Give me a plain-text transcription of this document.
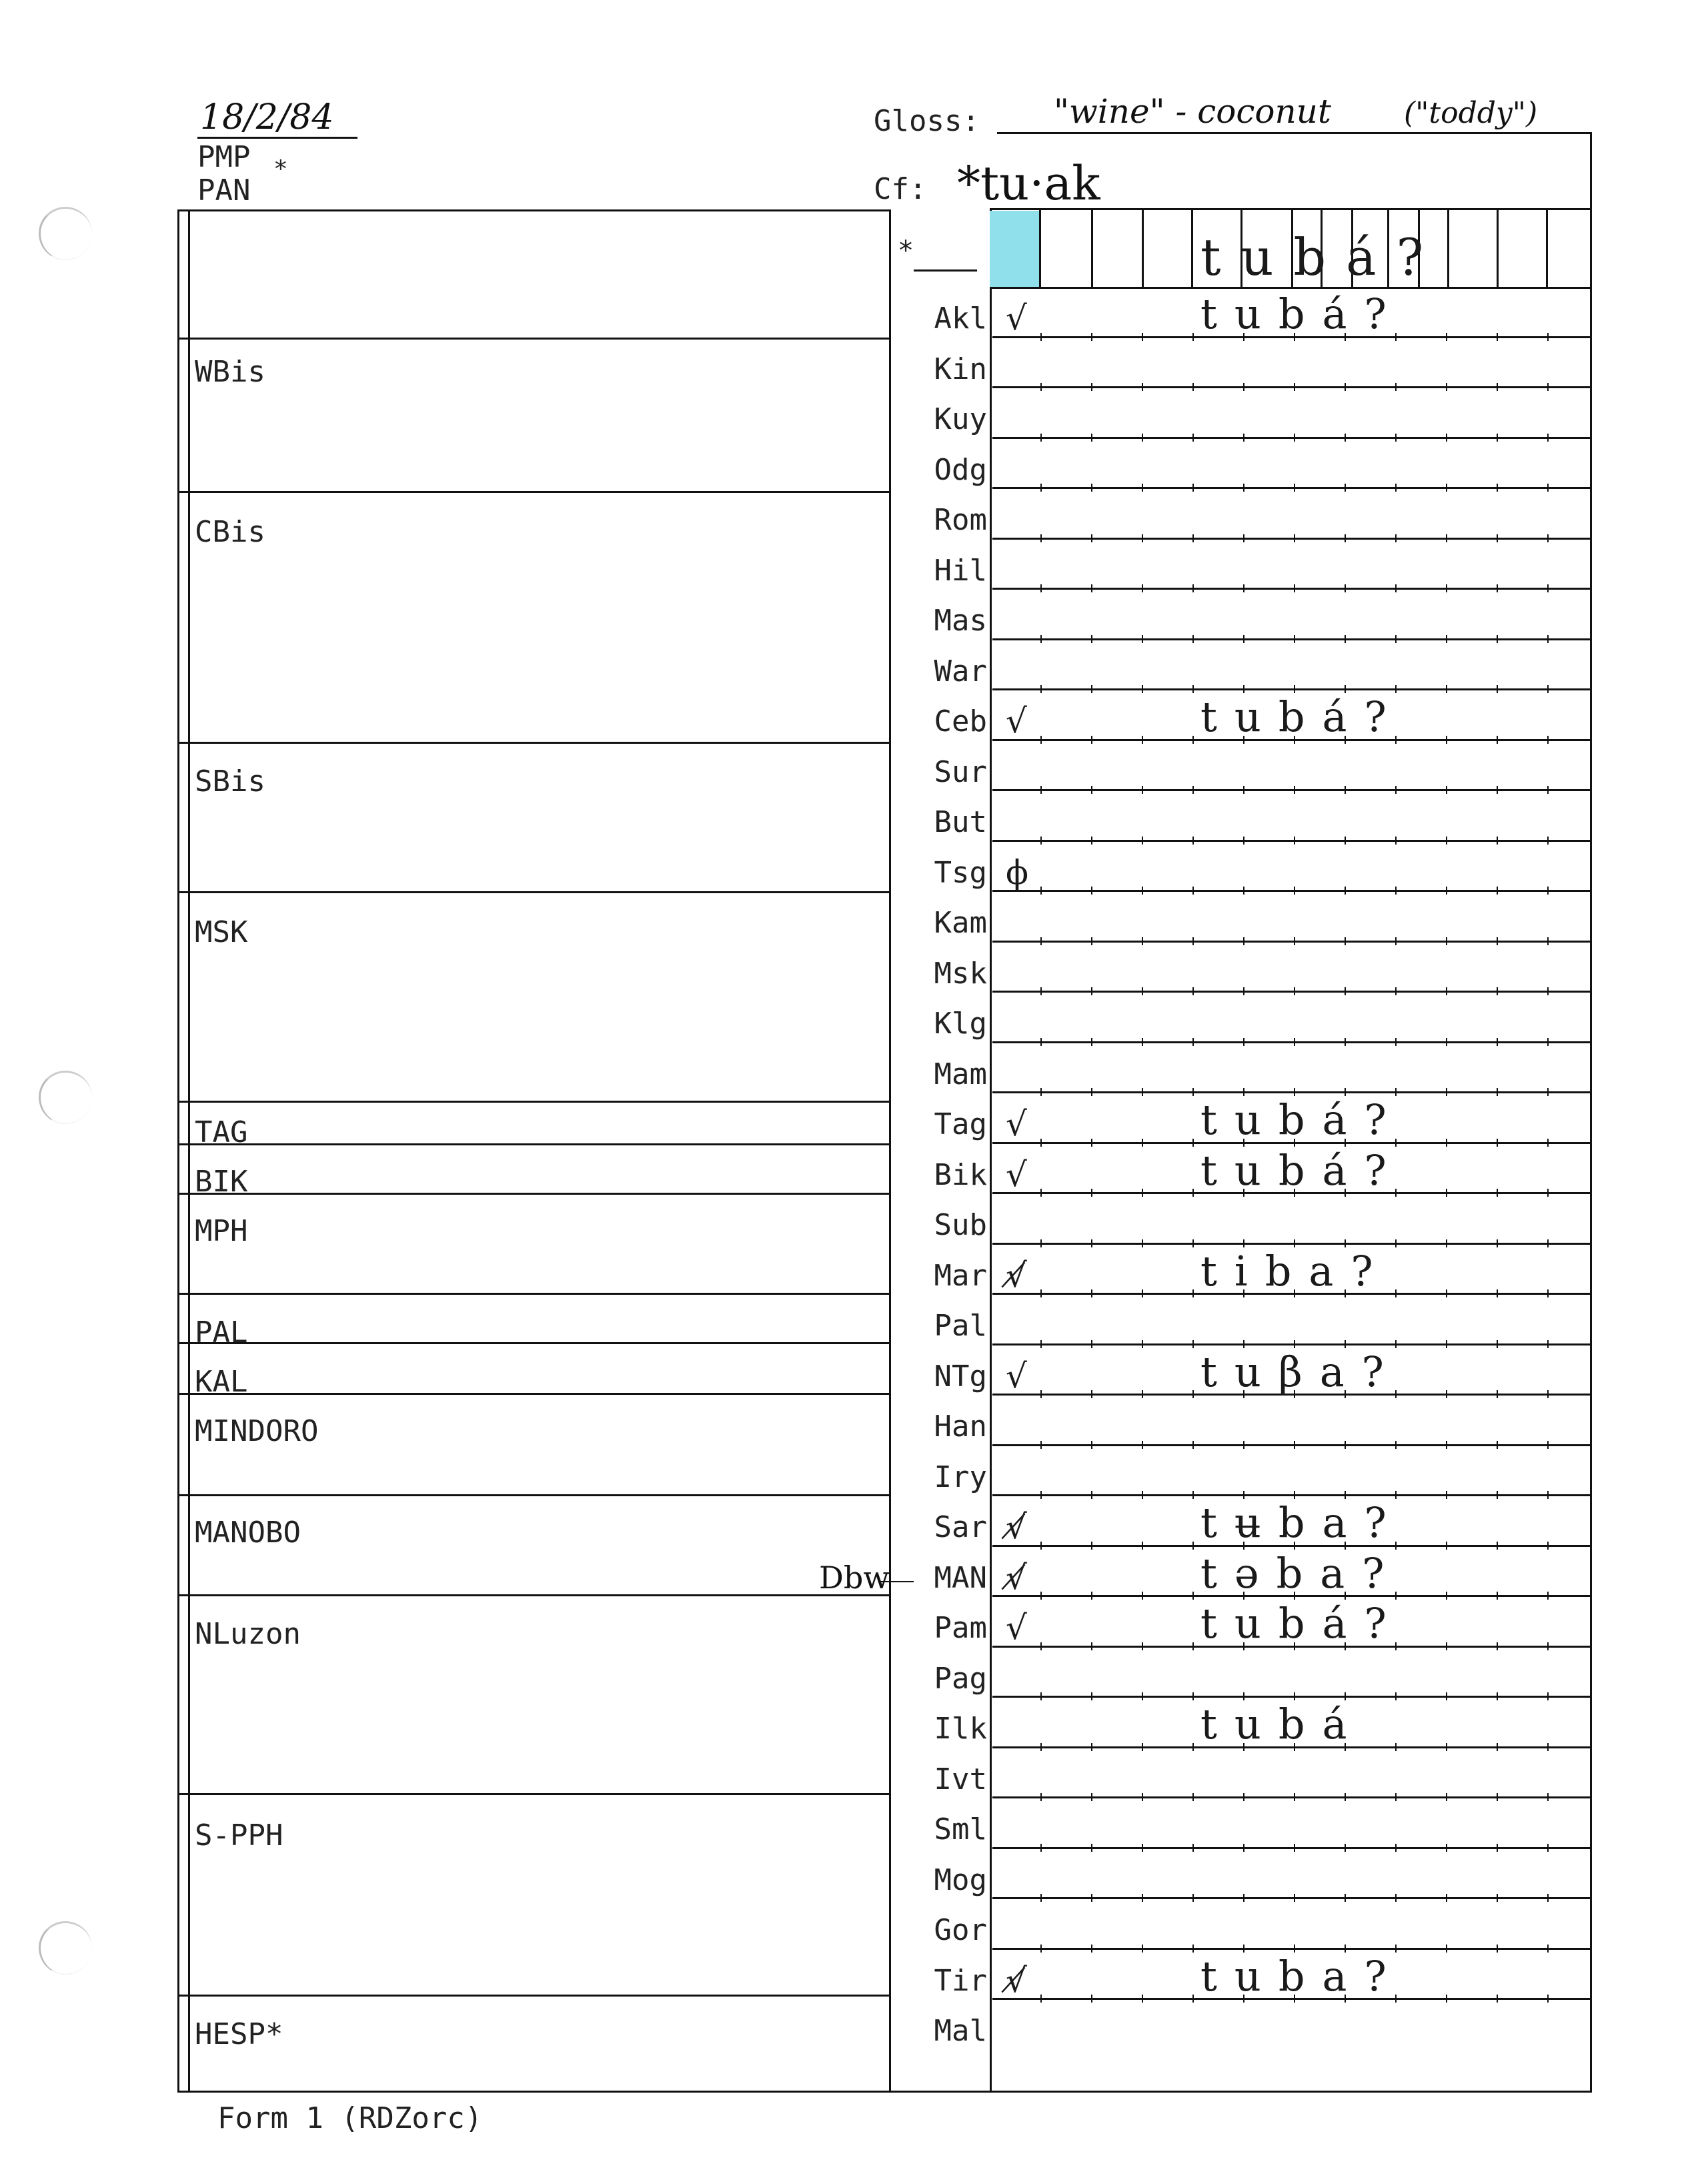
18/2/84
PMP *
PAN
Gloss: "wine" - coconut ("toddy")
Cf: *tu·ak
WBis
CBis
SBis
MSK
TAG
BIK
MPH
PAL
KAL
MINDORO
MANOBO
NLuzon
S-PPH
HESP*
Dbw
*	tubá?
Akl √	tubá?
Kin
Kuy
Odg
Rom
Hil
Mas
War
Ceb √	tubá?
Sur
But
Tsg ϕ
Kam
Msk
Klg
Mam
Tag √	tubá?
Bik √	tubá?
Sub
Mar √̸	tiba?
Pal
NTg √	tuβa?
Han
Iry
Sar √̸	tʉba?
MAN √̸	təba?
Pam √	tubá?
Pag
Ilk	tubá
Ivt
Sml
Mog
Gor
Tir √̸	tuba?
Mal
Form 1 (RDZorc)
